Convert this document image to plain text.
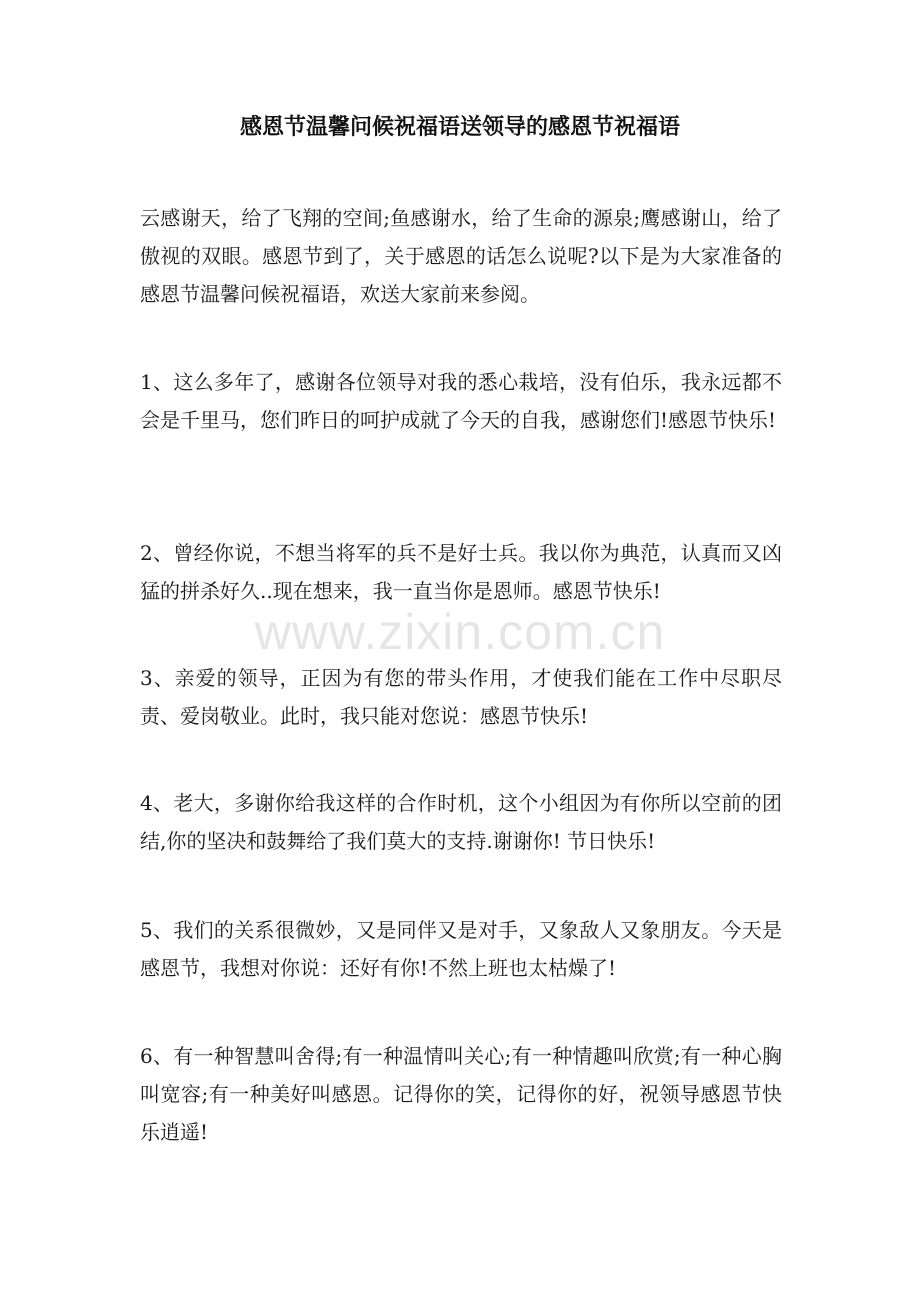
感恩节温馨问候祝福语送领导的感恩节祝福语

云感谢天，给了飞翔的空间;鱼感谢水，给了生命的源泉;鹰感谢山，给了傲视的双眼。感恩节到了，关于感恩的话怎么说呢?以下是为大家准备的感恩节温馨问候祝福语，欢送大家前来参阅。

1、这么多年了，感谢各位领导对我的悉心栽培，没有伯乐，我永远都不会是千里马，您们昨日的呵护成就了今天的自我，感谢您们!感恩节快乐!

2、曾经你说，不想当将军的兵不是好士兵。我以你为典范，认真而又凶猛的拼杀好久..现在想来，我一直当你是恩师。感恩节快乐!

3、亲爱的领导，正因为有您的带头作用，才使我们能在工作中尽职尽责、爱岗敬业。此时，我只能对您说：感恩节快乐!

4、老大，多谢你给我这样的合作时机，这个小组因为有你所以空前的团结,你的坚决和鼓舞给了我们莫大的支持.谢谢你! 节日快乐!

5、我们的关系很微妙，又是同伴又是对手，又象敌人又象朋友。今天是感恩节，我想对你说：还好有你!不然上班也太枯燥了!

6、有一种智慧叫舍得;有一种温情叫关心;有一种情趣叫欣赏;有一种心胸叫宽容;有一种美好叫感恩。记得你的笑，记得你的好，祝领导感恩节快乐逍遥!

www.zixin.com.cn
